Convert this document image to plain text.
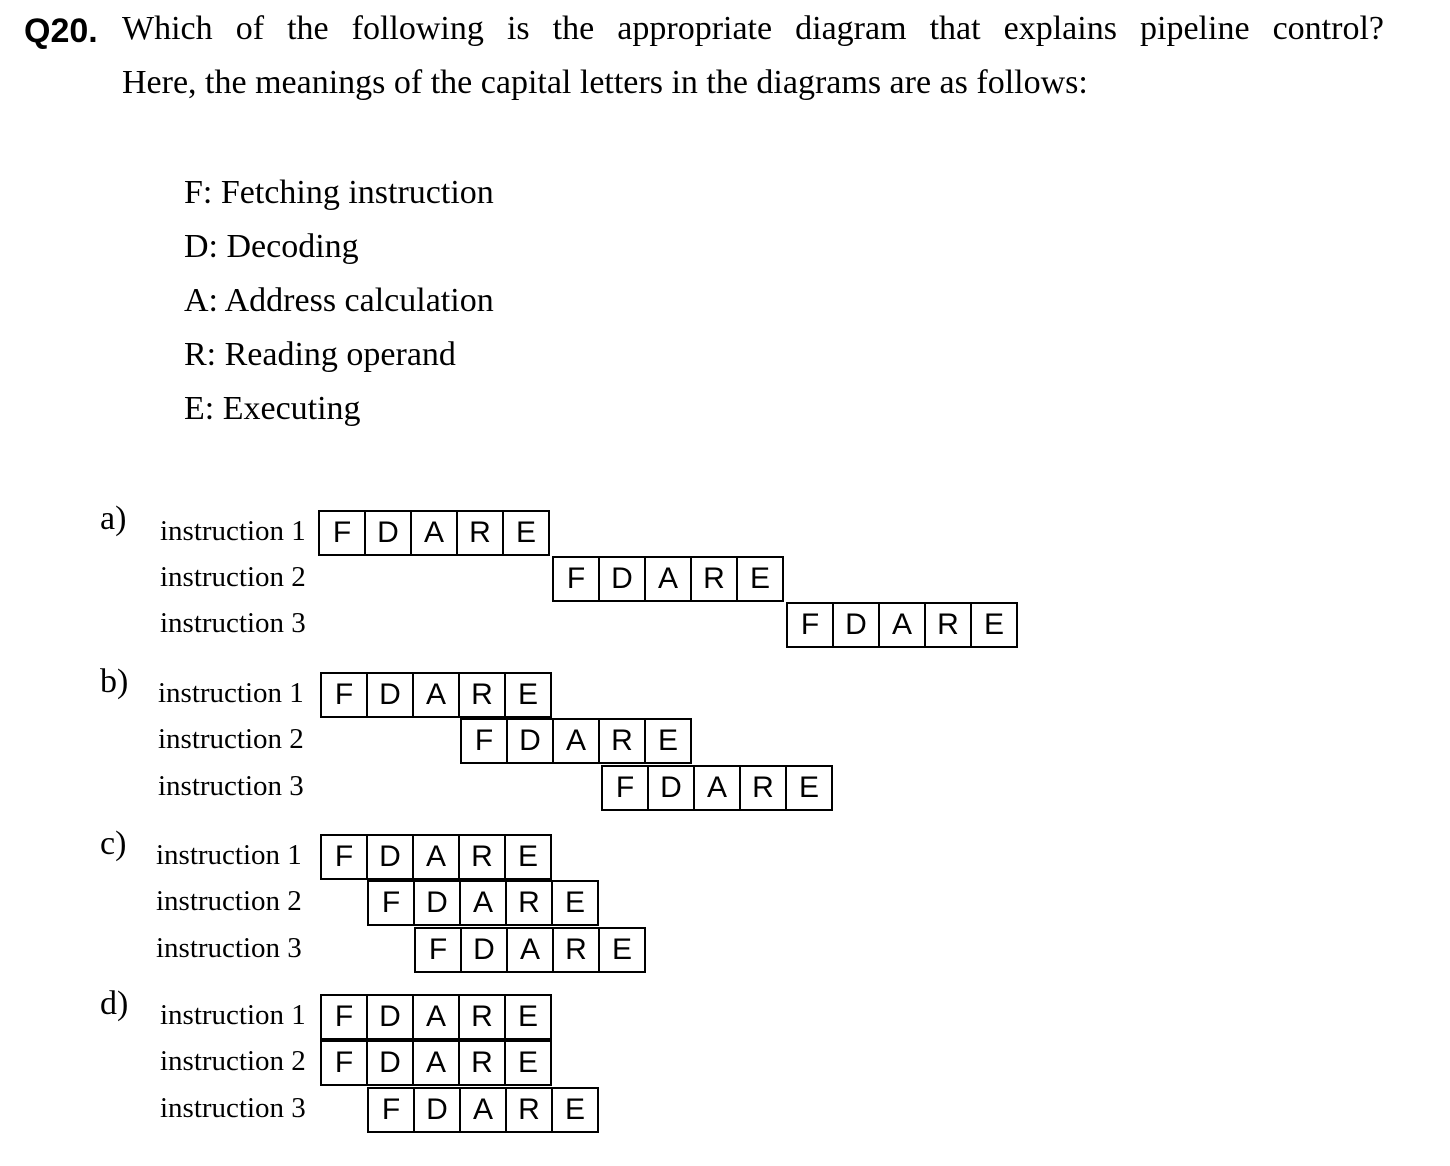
Q20. Which of the following is the appropriate diagram that explains pipeline control?
Here, the meanings of the capital letters in the diagrams are as follows:
F: Fetching instruction
D: Decoding
A: Address calculation
R: Reading operand
E: Executing
a) instruction 1 F D A R E
instruction 2	F D A R E
instruction 3	F D A R E
b) instruction 1	F D A R E
instruction 2	F D A R E
instruction 3	F D A R E
c) instruction 1	F D A R E
instruction 2	F D A R E
instruction 3	F D A R E
d) instruction 1 F D A R E
instruction 2 F D A R E
instruction 3	F D A R E
